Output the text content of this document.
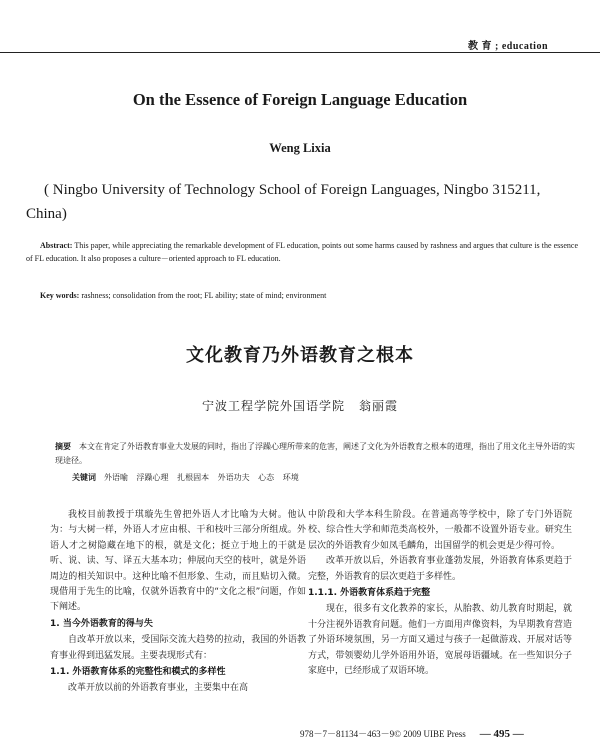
教 育 ; education
On the Essence of Foreign Language Education
Weng Lixia
( Ningbo University of Technology School of Foreign Languages, Ningbo 315211, China)
Abstract: This paper, while appreciating the remarkable development of FL education, points out some harms caused by rashness and argues that culture is the essence of FL education. It also proposes a culture－oriented approach to FL education.
Key words: rashness; consolidation from the root; FL ability; state of mind; environment
文化教育乃外语教育之根本
宁波工程学院外国语学院 翁丽霞
摘要 本文在肯定了外语教育事业大发展的同时，指出了浮躁心理所带来的危害，阐述了文化为外语教育之根本的道理，指出了用文化主导外语的实现途径。
关键词 外语喻 浮躁心理 扎根固本 外语功夫 心态 环境

我校目前教授于琪璇先生曾把外语人才比喻为大树。他认为：与大树一样，外语人才应由根、干和枝叶三部分所组成。外语人才之树隐藏在地下的根，就是文化；挺立于地上的干就是听、说、读、写、译五大基本功；伸展向天空的枝叶，就是外语周边的相关知识中。这种比喻不但形象、生动，而且贴切入微。现借用于先生的比喻，仅就外语教育中的“文化之根”问题，作如下阐述。

1. 当今外语教育的得与失

自改革开放以来，受国际交流大趋势的拉动，我国的外语教育事业得到迅猛发展。主要表现形式有：

1.1. 外语教育体系的完整性和模式的多样性

改革开放以前的外语教育事业，主要集中在高

中阶段和大学本科生阶段。在普通高等学校中，除了专门外语院校、综合性大学和师范类高校外，一般都不设置外语专业。研究生层次的外语教育少如凤毛麟角，出国留学的机会更是少得可怜。

改革开放以后，外语教育事业蓬勃发展，外语教育体系更趋于完整，外语教育的层次更趋于多样性。

1.1.1. 外语教育体系趋于完整

现在，很多有文化教养的家长，从胎教、幼儿教育时期起，就十分注视外语教育问题。他们一方面用声像资料，为早期教育营造了外语环境氛围，另一方面又通过与孩子一起做游戏、开展对话等方式，带领婴幼儿学外语用外语，宽展母语疆域。在一些知识分子家庭中，已经形成了双语环境。

978－7－81134－463－9© 2009 UIBE Press — 495 —
